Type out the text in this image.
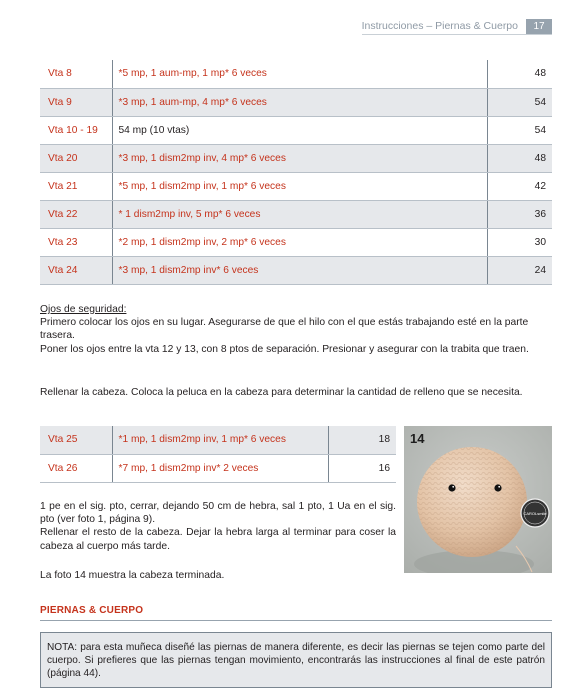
Instrucciones – Piernas & Cuerpo	17
Vta 8	*5 mp, 1 aum-mp, 1 mp* 6 veces	48
Vta 9	*3 mp, 1 aum-mp, 4 mp* 6 veces	54
Vta 10 - 19	54 mp (10 vtas)	54
Vta 20	*3 mp, 1 dism2mp inv, 4 mp* 6 veces	48
Vta 21	*5 mp, 1 dism2mp inv, 1 mp* 6 veces	42
Vta 22	* 1 dism2mp inv, 5 mp* 6 veces	36
Vta 23	*2 mp, 1 dism2mp inv, 2 mp* 6 veces	30
Vta 24	*3 mp, 1 dism2mp inv* 6 veces	24

Ojos de seguridad:

Primero colocar los ojos en su lugar. Asegurarse de que el hilo con el que estás trabajando esté en la parte trasera.

Poner los ojos entre la vta 12 y 13, con 8 ptos de separación. Presionar y asegurar con la trabita que traen.

Rellenar la cabeza. Coloca la peluca en la cabeza para determinar la cantidad de relleno que se necesita.

Vta 25	*1 mp, 1 dism2mp inv, 1 mp* 6 veces	18
Vta 26	*7 mp, 1 dism2mp inv* 2 veces	16
14
CAROLsmile

1 pe en el sig. pto, cerrar, dejando 50 cm de hebra, sal 1 pto, 1 Ua en el sig. pto (ver foto 1, página 9).

Rellenar el resto de la cabeza. Dejar la hebra larga al terminar para coser la cabeza al cuerpo más tarde.

La foto 14 muestra la cabeza terminada.

PIERNAS & CUERPO
NOTA: para esta muñeca diseñé las piernas de manera diferente, es decir las piernas se tejen como parte del cuerpo. Si prefieres que las piernas tengan movimiento, encontrarás las instrucciones al final de este patrón (página 44).
